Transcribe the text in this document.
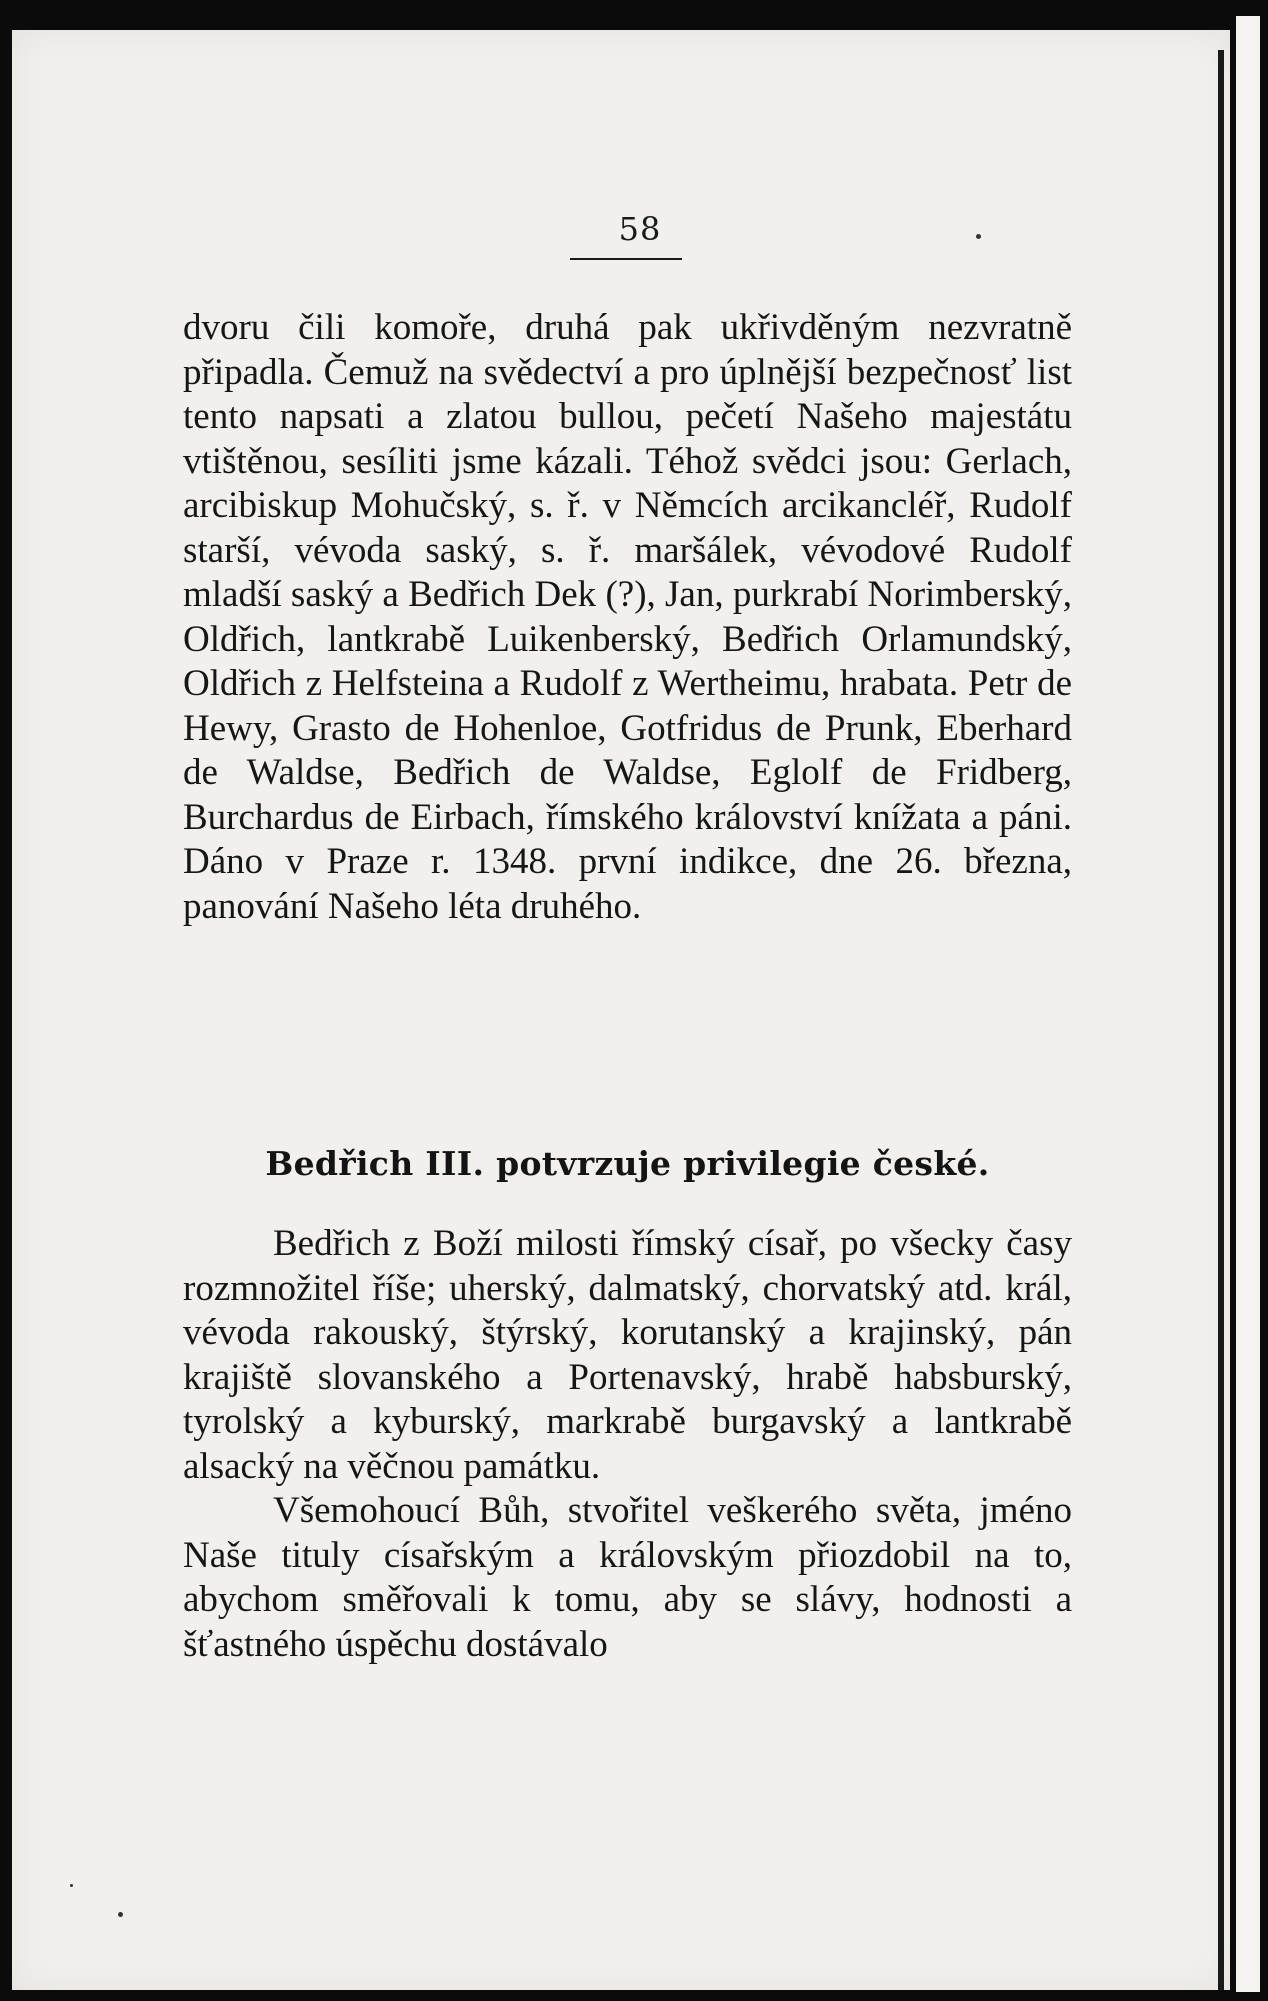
58

dvoru čili komoře, druhá pak ukřivděným nezvratně připadla. Čemuž na svědectví a pro úplnější bezpečnosť list tento napsati a zlatou bullou, pečetí Našeho majestátu vtištěnou, sesíliti jsme kázali. Téhož svědci jsou: Gerlach, arcibiskup Mohučský, s. ř. v Němcích arcikancléř, Rudolf starší, vévoda saský, s. ř. maršálek, vévodové Rudolf mladší saský a Bedřich Dek (?), Jan, purkrabí Norimberský, Oldřich, lantkrabě Luikenberský, Bedřich Orlamundský, Oldřich z Helfsteina a Rudolf z Wertheimu, hrabata. Petr de Hewy, Grasto de Hohenloe, Gotfridus de Prunk, Eberhard de Waldse, Bedřich de Waldse, Eglolf de Fridberg, Burchardus de Eirbach, římského království knížata a páni. Dáno v Praze r. 1348. první indikce, dne 26. března, panování Našeho léta druhého.

Bedřich III. potvrzuje privilegie české.

Bedřich z Boží milosti římský císař, po všecky časy rozmnožitel říše; uherský, dalmatský, chorvatský atd. král, vévoda rakouský, štýrský, korutanský a krajinský, pán krajiště slovanského a Portenavský, hrabě habsburský, tyrolský a kyburský, markrabě burgavský a lantkrabě alsacký na věčnou památku.

Všemohoucí Bůh, stvořitel veškerého světa, jméno Naše tituly císařským a královským přiozdobil na to, abychom směřovali k tomu, aby se slávy, hodnosti a šťastného úspěchu dostávalo
